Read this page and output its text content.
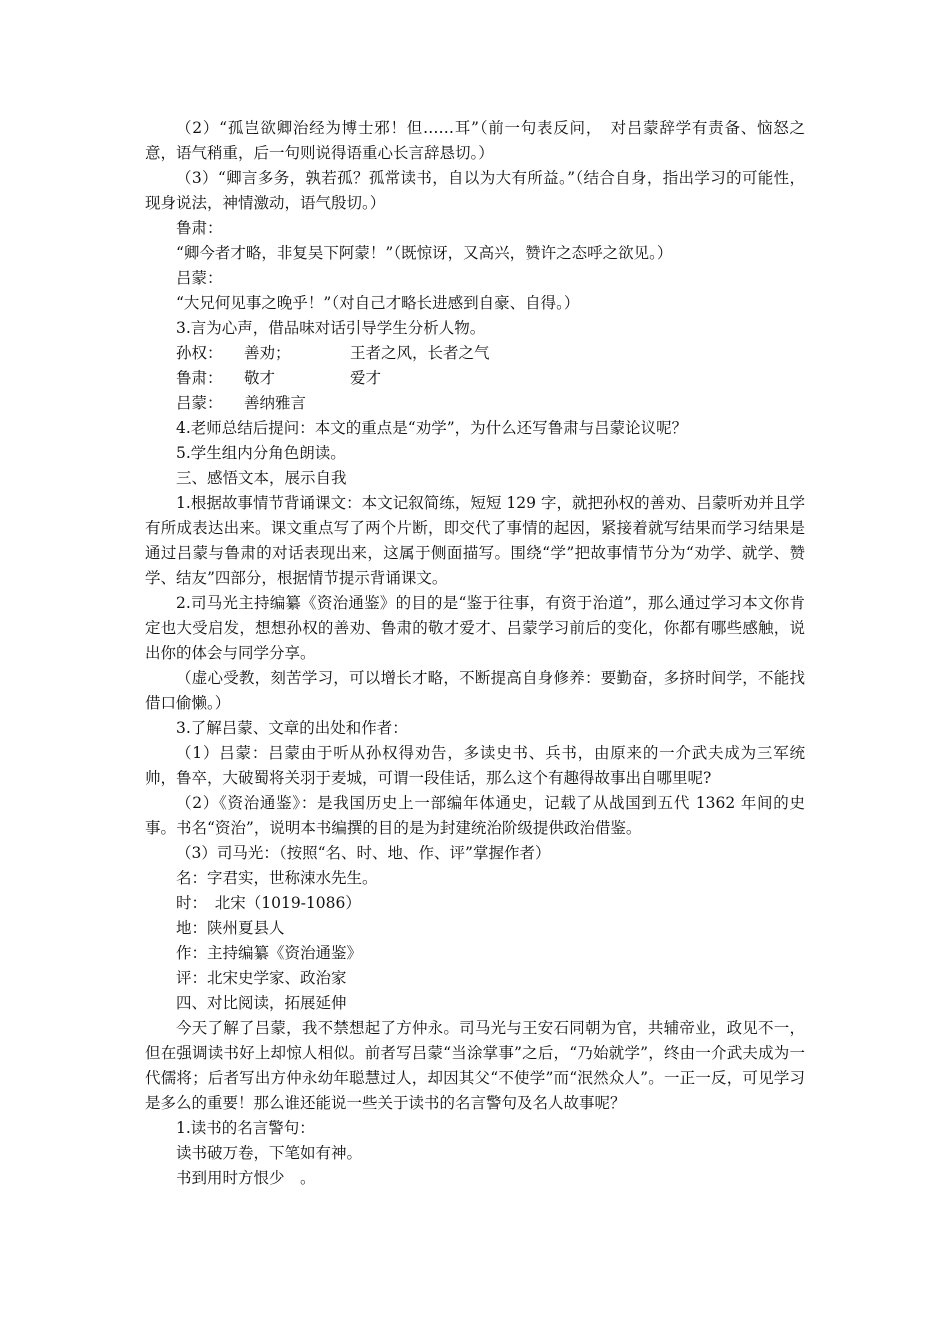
（2）“孤岂欲卿治经为博士邪！但……耳”（前一句表反问，　对吕蒙辞学有责备、恼怒之意，语气稍重，后一句则说得语重心长言辞恳切。）

（3）“卿言多务，孰若孤？孤常读书，自以为大有所益。”（结合自身，指出学习的可能性，现身说法，神情激动，语气殷切。）

鲁肃：

“卿今者才略，非复吴下阿蒙！”（既惊讶，又高兴，赞许之态呼之欲见。）

吕蒙：

“大兄何见事之晚乎！”（对自己才略长进感到自豪、自得。）

3.言为心声，借品味对话引导学生分析人物。

孙权：	善劝；	王者之风，长者之气
鲁肃：	敬才	爱才
吕蒙：	善纳雅言

4.老师总结后提问：本文的重点是“劝学”，为什么还写鲁肃与吕蒙论议呢？

5.学生组内分角色朗读。

三、感悟文本，展示自我

1.根据故事情节背诵课文：本文记叙简练，短短 129 字，就把孙权的善劝、吕蒙听劝并且学有所成表达出来。课文重点写了两个片断，即交代了事情的起因，紧接着就写结果而学习结果是通过吕蒙与鲁肃的对话表现出来，这属于侧面描写。围绕“学”把故事情节分为“劝学、就学、赞学、结友”四部分，根据情节提示背诵课文。

2.司马光主持编纂《资治通鉴》的目的是“鉴于往事，有资于治道”，那么通过学习本文你肯定也大受启发，想想孙权的善劝、鲁肃的敬才爱才、吕蒙学习前后的变化，你都有哪些感触，说出你的体会与同学分享。

（虚心受教，刻苦学习，可以增长才略，不断提高自身修养：要勤奋，多挤时间学，不能找借口偷懒。）

3.了解吕蒙、文章的出处和作者：

（1）吕蒙：吕蒙由于听从孙权得劝告，多读史书、兵书，由原来的一介武夫成为三军统帅，鲁卒，大破蜀将关羽于麦城，可谓一段佳话，那么这个有趣得故事出自哪里呢?

（2）《资治通鉴》：是我国历史上一部编年体通史，记载了从战国到五代 1362 年间的史事。书名“资治”，说明本书编撰的目的是为封建统治阶级提供政治借鉴。

（3）司马光：（按照“名、时、地、作、评”掌握作者）

名：字君实，世称涑水先生。

时：　北宋（1019-1086）

地：陕州夏县人

作：主持编纂《资治通鉴》

评：北宋史学家、政治家

四、对比阅读，拓展延伸

今天了解了吕蒙，我不禁想起了方仲永。司马光与王安石同朝为官，共辅帝业，政见不一，但在强调读书好上却惊人相似。前者写吕蒙“当涂掌事”之后，“乃始就学”，终由一介武夫成为一代儒将；后者写出方仲永幼年聪慧过人，却因其父“不使学”而“泯然众人”。一正一反，可见学习是多么的重要！那么谁还能说一些关于读书的名言警句及名人故事呢？

1.读书的名言警句：

读书破万卷，下笔如有神。

书到用时方恨少　。
